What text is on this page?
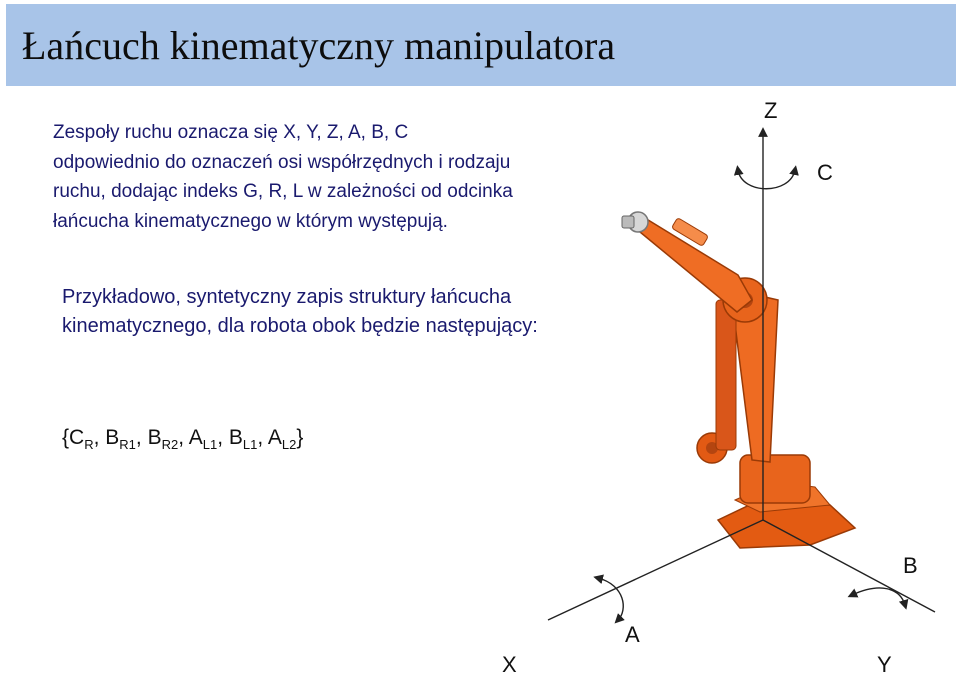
Łańcuch kinematyczny manipulatora
Zespoły ruchu oznacza się X, Y, Z, A, B, C
odpowiednio do oznaczeń osi współrzędnych i rodzaju
ruchu, dodając indeks G, R, L w zależności od odcinka
łańcucha kinematycznego w którym występują.
Przykładowo, syntetyczny zapis struktury łańcucha
kinematycznego, dla robota obok będzie następujący:
{$C_R$, $B_{R1}$, $B_{R2}$, $A_{L1}$, $B_{L1}$, $A_{L2}$}
Z
C
B
A
X	Y
